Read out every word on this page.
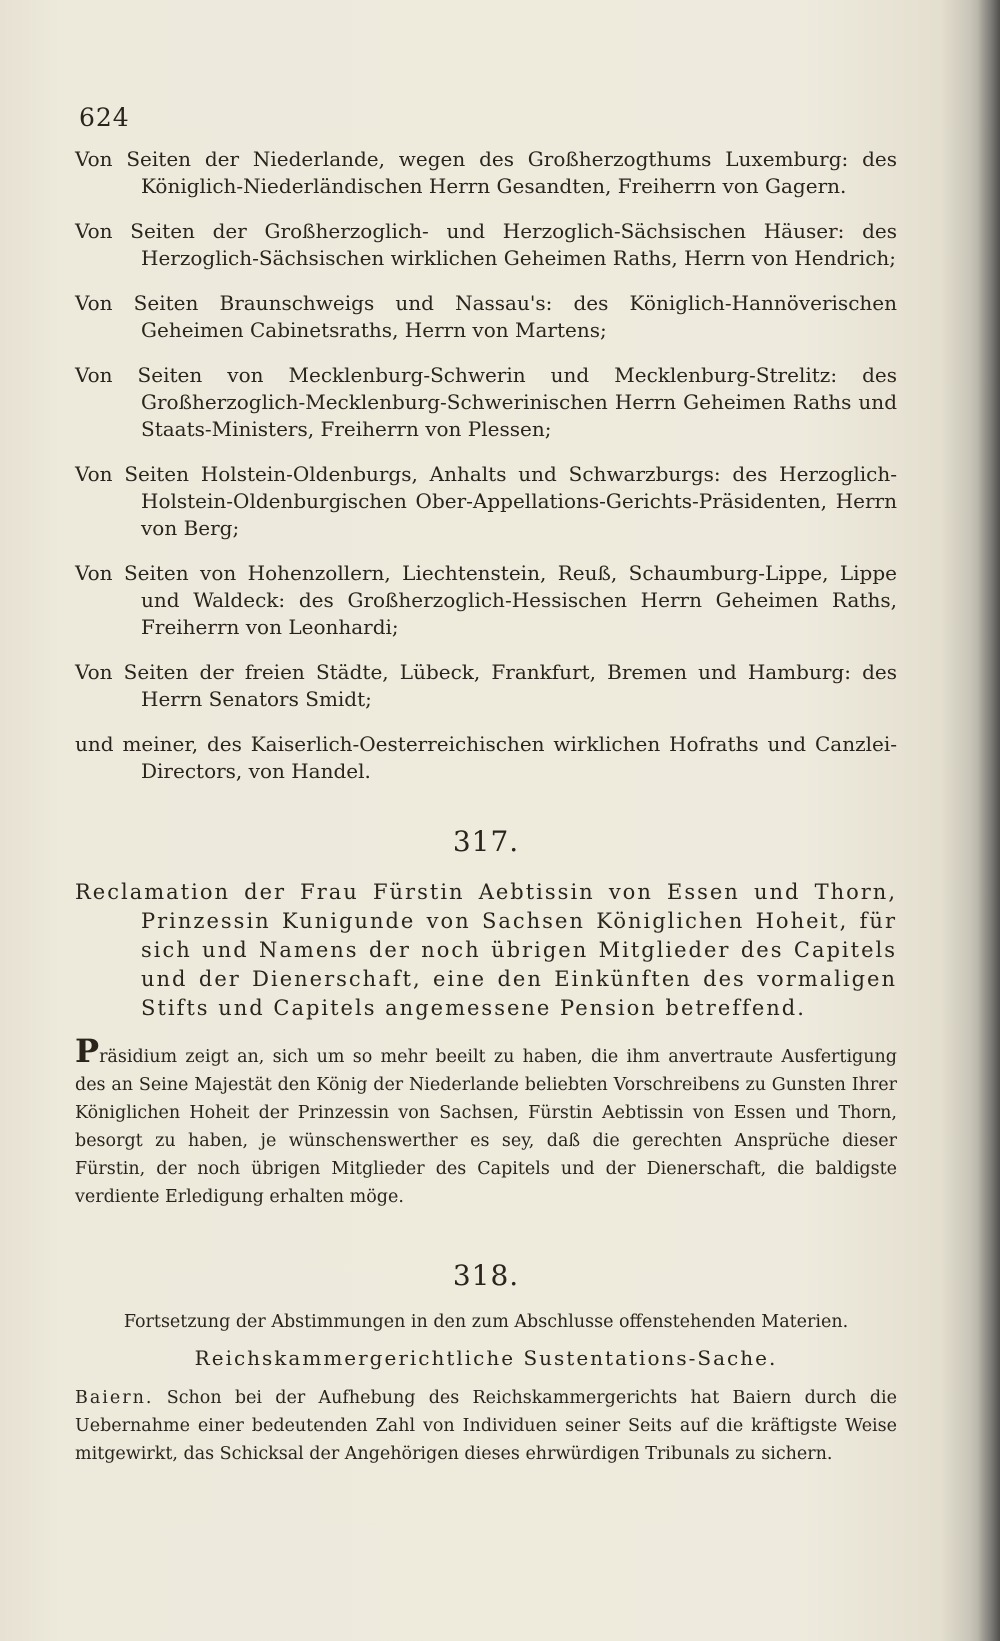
624

Von Seiten der Niederlande, wegen des Großherzogthums Luxemburg: des Königlich-Niederländischen Herrn Gesandten, Freiherrn von Gagern.

Von Seiten der Großherzoglich- und Herzoglich-Sächsischen Häuser: des Herzoglich-Sächsischen wirklichen Geheimen Raths, Herrn von Hendrich;

Von Seiten Braunschweigs und Nassau's: des Königlich-Hannöverischen Geheimen Cabinetsraths, Herrn von Martens;

Von Seiten von Mecklenburg-Schwerin und Mecklenburg-Strelitz: des Großherzoglich-Mecklenburg-Schwerinischen Herrn Geheimen Raths und Staats-Ministers, Freiherrn von Plessen;

Von Seiten Holstein-Oldenburgs, Anhalts und Schwarzburgs: des Herzoglich-Holstein-Oldenburgischen Ober-Appellations-Gerichts-Präsidenten, Herrn von Berg;

Von Seiten von Hohenzollern, Liechtenstein, Reuß, Schaumburg-Lippe, Lippe und Waldeck: des Großherzoglich-Hessischen Herrn Geheimen Raths, Freiherrn von Leonhardi;

Von Seiten der freien Städte, Lübeck, Frankfurt, Bremen und Hamburg: des Herrn Senators Smidt;

und meiner, des Kaiserlich-Oesterreichischen wirklichen Hofraths und Canzlei-Directors, von Handel.

317.

Reclamation der Frau Fürstin Aebtissin von Essen und Thorn, Prinzessin Kunigunde von Sachsen Königlichen Hoheit, für sich und Namens der noch übrigen Mitglieder des Capitels und der Dienerschaft, eine den Einkünften des vormaligen Stifts und Capitels angemessene Pension betreffend.

Präsidium zeigt an, sich um so mehr beeilt zu haben, die ihm anvertraute Ausfertigung des an Seine Majestät den König der Niederlande beliebten Vorschreibens zu Gunsten Ihrer Königlichen Hoheit der Prinzessin von Sachsen, Fürstin Aebtissin von Essen und Thorn, besorgt zu haben, je wünschenswerther es sey, daß die gerechten Ansprüche dieser Fürstin, der noch übrigen Mitglieder des Capitels und der Dienerschaft, die baldigste verdiente Erledigung erhalten möge.

318.
Fortsetzung der Abstimmungen in den zum Abschlusse offenstehenden Materien.
Reichskammergerichtliche Sustentations-Sache.

Baiern. Schon bei der Aufhebung des Reichskammergerichts hat Baiern durch die Uebernahme einer bedeutenden Zahl von Individuen seiner Seits auf die kräftigste Weise mitgewirkt, das Schicksal der Angehörigen dieses ehrwürdigen Tribunals zu sichern.
